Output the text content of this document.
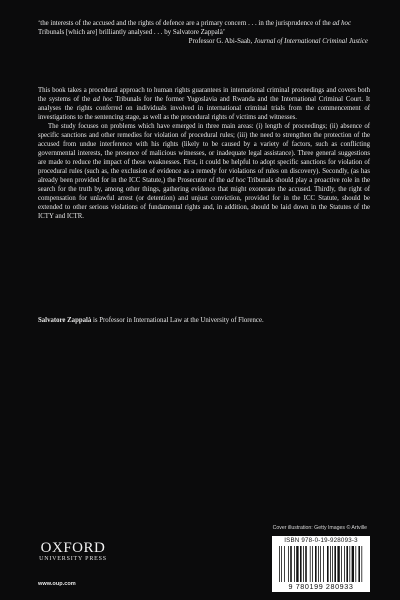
‘the interests of the accused and the rights of defence are a primary concern . . . in the jurisprudence of the ad hoc Tribunals [which are] brilliantly analysed . . . by Salvatore Zappalà’

Professor G. Abi-Saab, Journal of International Criminal Justice

This book takes a procedural approach to human rights guarantees in international criminal proceedings and covers both the systems of the ad hoc Tribunals for the former Yugoslavia and Rwanda and the International Criminal Court. It analyses the rights conferred on individuals involved in international criminal trials from the commencement of investigations to the sentencing stage, as well as the procedural rights of victims and witnesses.

The study focuses on problems which have emerged in three main areas: (i) length of proceedings; (ii) absence of specific sanctions and other remedies for violation of procedural rules; (iii) the need to strengthen the protection of the accused from undue interference with his rights (likely to be caused by a variety of factors, such as conflicting governmental interests, the presence of malicious witnesses, or inadequate legal assistance). Three general suggestions are made to reduce the impact of these weaknesses. First, it could be helpful to adopt specific sanctions for violation of procedural rules (such as, the exclusion of evidence as a remedy for violations of rules on discovery). Secondly, (as has already been provided for in the ICC Statute,) the Prosecutor of the ad hoc Tribunals should play a proactive role in the search for the truth by, among other things, gathering evidence that might exonerate the accused. Thirdly, the right of compensation for unlawful arrest (or detention) and unjust conviction, provided for in the ICC Statute, should be extended to other serious violations of fundamental rights and, in addition, should be laid down in the Statutes of the ICTY and ICTR.

Salvatore Zappalà is Professor in International Law at the University of Florence.
Cover illustration: Getty Images © Artville
OXFORD
UNIVERSITY PRESS
www.oup.com
ISBN 978-0-19-928093-3
9 780199 280933
